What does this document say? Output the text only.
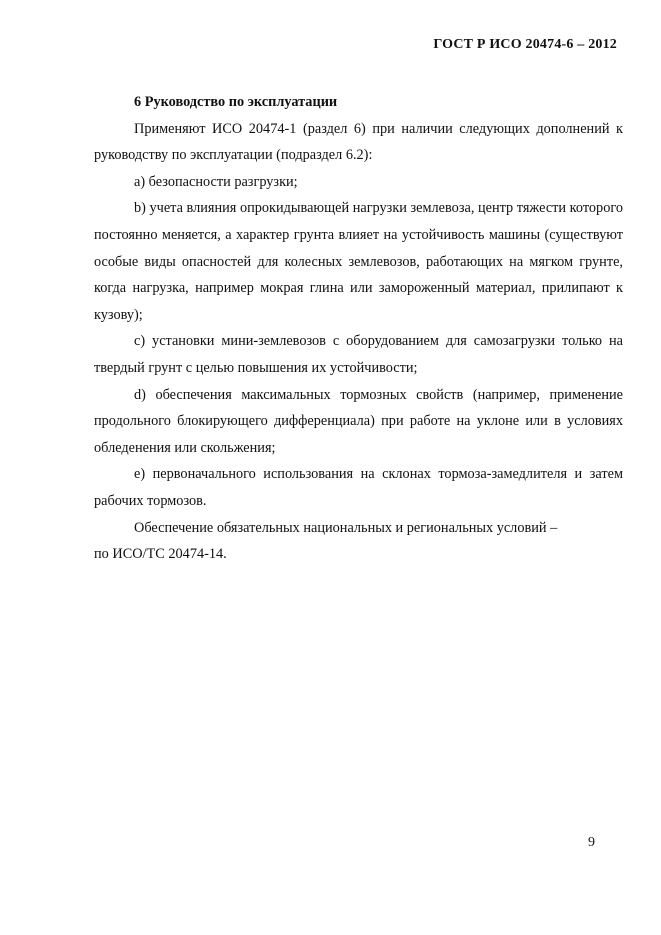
ГОСТ Р ИСО 20474-6 – 2012

6 Руководство по эксплуатации

Применяют ИСО 20474-1 (раздел 6) при наличии следующих дополнений к руководству по эксплуатации (подраздел 6.2):

a) безопасности разгрузки;

b) учета влияния опрокидывающей нагрузки землевоза, центр тяжести которого постоянно меняется, а характер грунта влияет на устойчивость машины (существуют особые виды опасностей для колесных землевозов, работающих на мягком грунте, когда нагрузка, например мокрая глина или замороженный материал, прилипают к кузову);

c) установки мини-землевозов с оборудованием для самозагрузки только на твердый грунт с целью повышения их устойчивости;

d) обеспечения максимальных тормозных свойств (например, применение продольного блокирующего дифференциала) при работе на уклоне или в условиях обледенения или скольжения;

e) первоначального использования на склонах тормоза-замедлителя и затем рабочих тормозов.

Обеспечение обязательных национальных и региональных условий –

по ИСО/ТС 20474-14.

9
